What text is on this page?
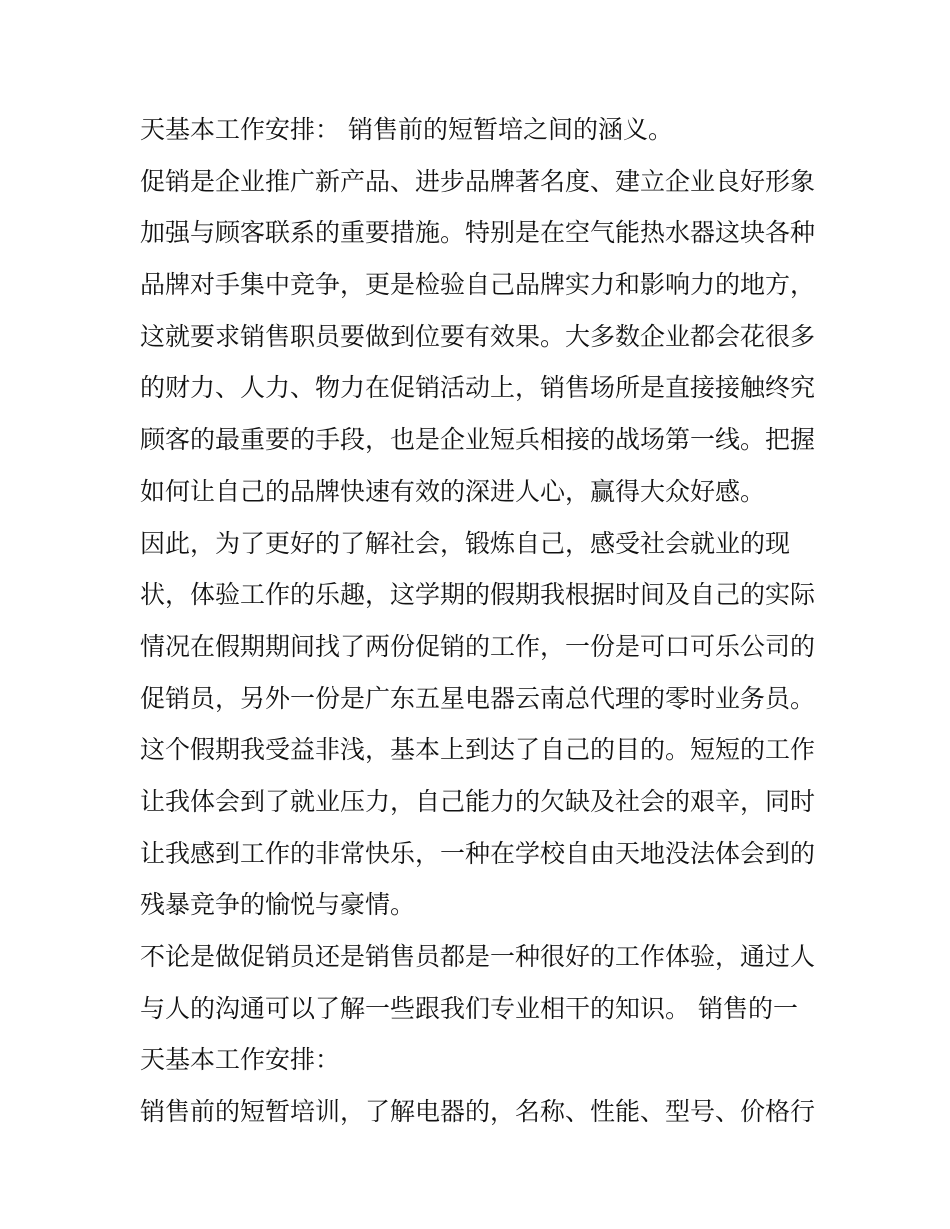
天基本工作安排： 销售前的短暂培之间的涵义。
促销是企业推广新产品、进步品牌著名度、建立企业良好形象
加强与顾客联系的重要措施。特别是在空气能热水器这块各种
品牌对手集中竞争，更是检验自己品牌实力和影响力的地方，
这就要求销售职员要做到位要有效果。大多数企业都会花很多
的财力、人力、物力在促销活动上，销售场所是直接接触终究
顾客的最重要的手段，也是企业短兵相接的战场第一线。把握
如何让自己的品牌快速有效的深进人心，赢得大众好感。
因此，为了更好的了解社会，锻炼自己，感受社会就业的现
状，体验工作的乐趣，这学期的假期我根据时间及自己的实际
情况在假期期间找了两份促销的工作，一份是可口可乐公司的
促销员，另外一份是广东五星电器云南总代理的零时业务员。
这个假期我受益非浅，基本上到达了自己的目的。短短的工作
让我体会到了就业压力，自己能力的欠缺及社会的艰辛，同时
让我感到工作的非常快乐，一种在学校自由天地没法体会到的
残暴竞争的愉悦与豪情。
不论是做促销员还是销售员都是一种很好的工作体验，通过人
与人的沟通可以了解一些跟我们专业相干的知识。 销售的一
天基本工作安排：
销售前的短暂培训，了解电器的，名称、性能、型号、价格行
